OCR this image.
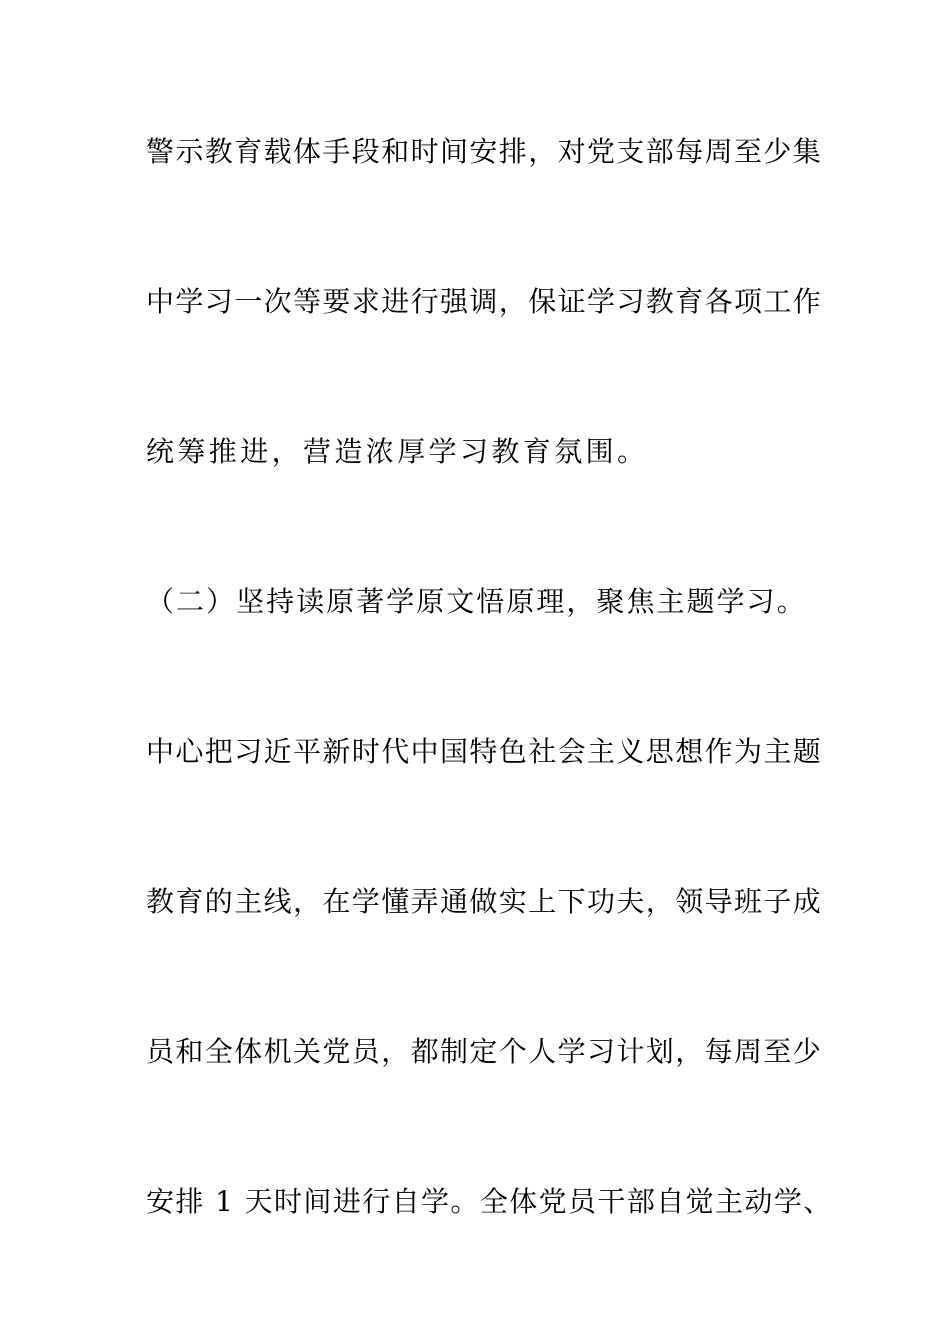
警示教育载体手段和时间安排，对党支部每周至少集

中学习一次等要求进行强调，保证学习教育各项工作

统筹推进，营造浓厚学习教育氛围。

（二）坚持读原著学原文悟原理，聚焦主题学习。

中心把习近平新时代中国特色社会主义思想作为主题

教育的主线，在学懂弄通做实上下功夫，领导班子成

员和全体机关党员，都制定个人学习计划，每周至少

安排 1 天时间进行自学。全体党员干部自觉主动学、
